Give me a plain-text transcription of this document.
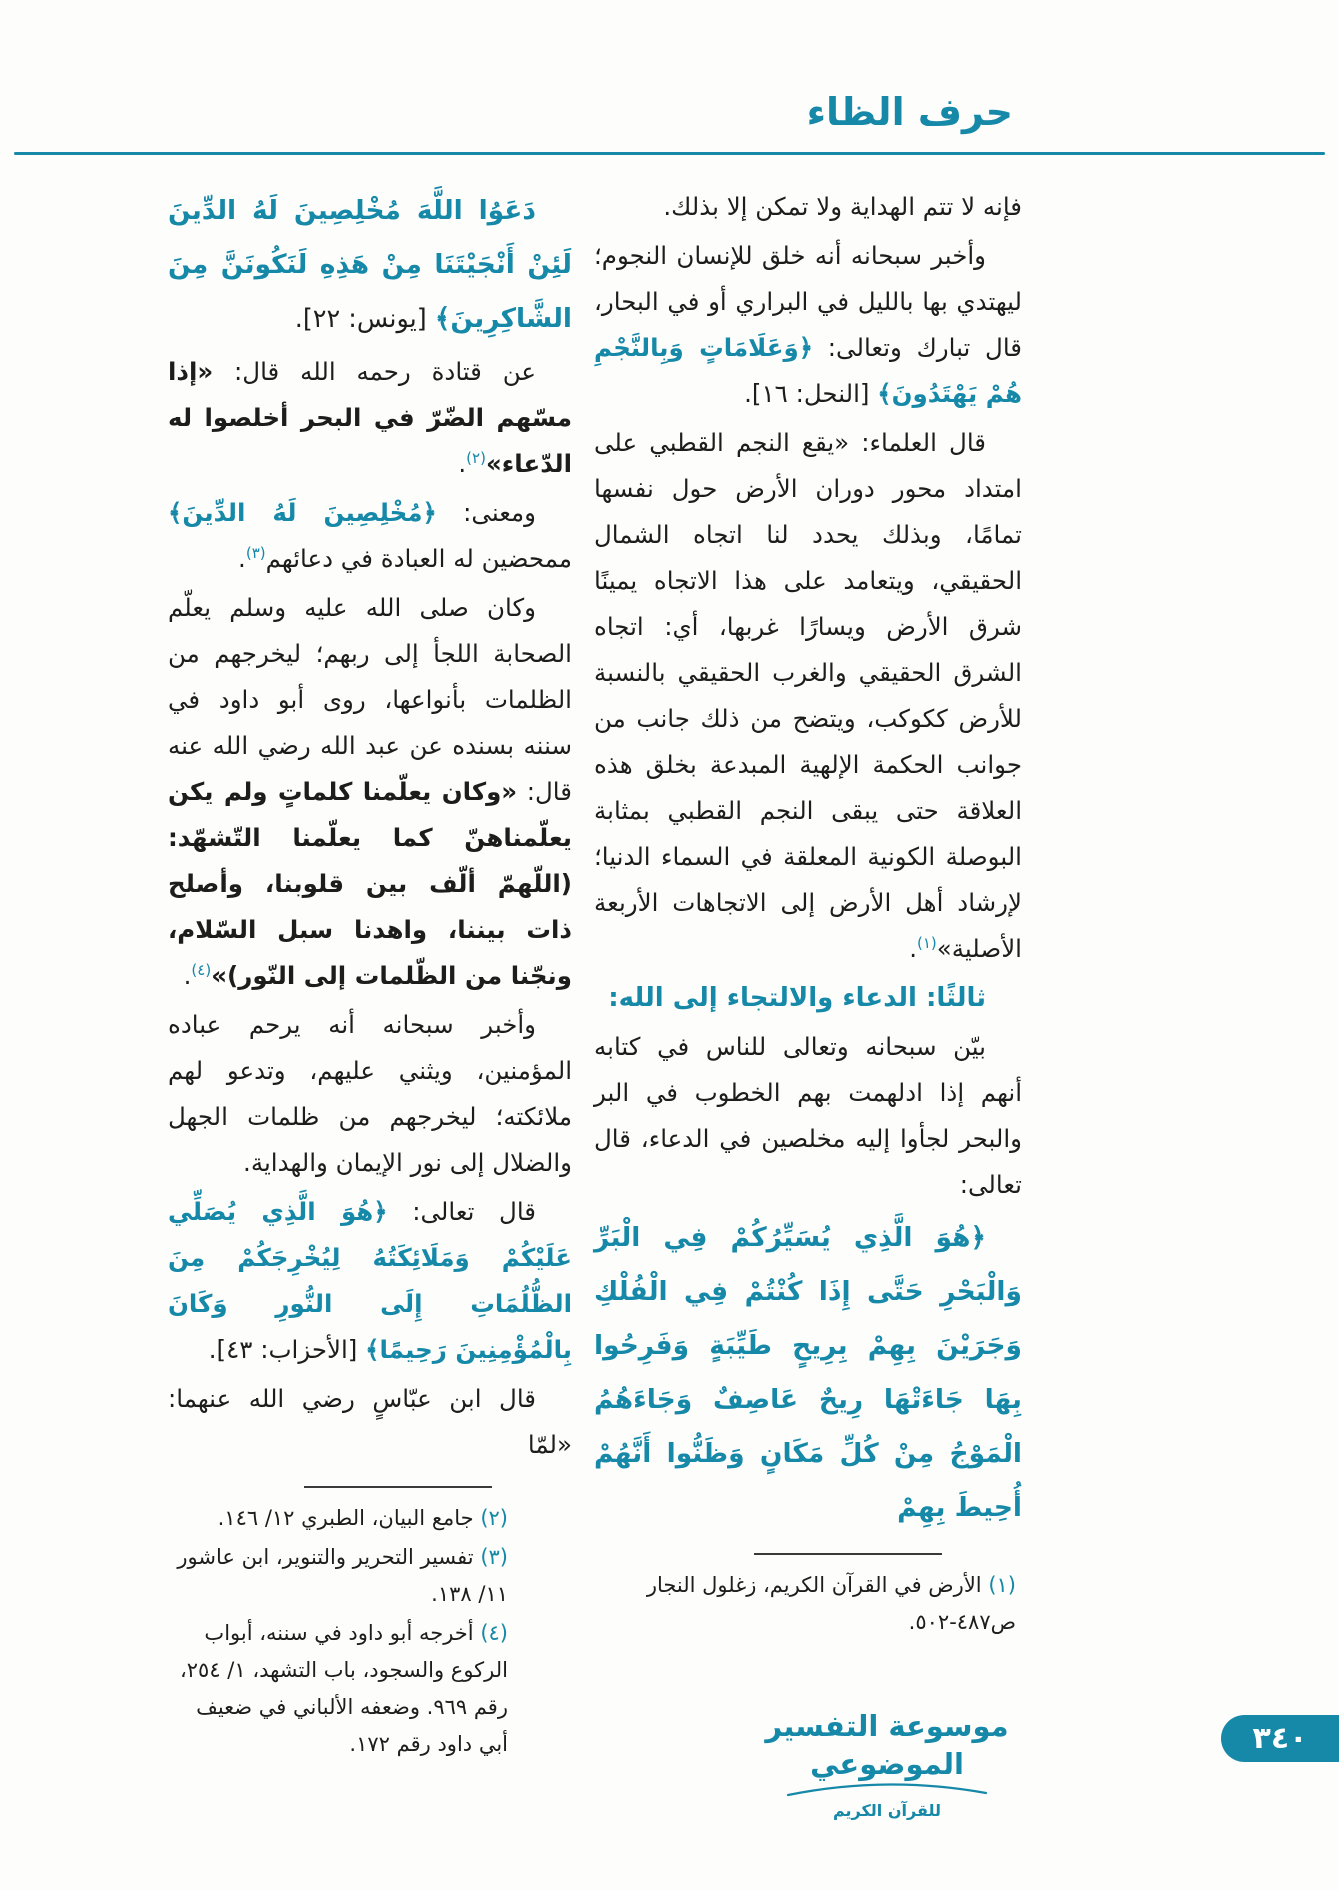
حرف الظاء

فإنه لا تتم الهداية ولا تمكن إلا بذلك.

وأخبر سبحانه أنه خلق للإنسان النجوم؛ ليهتدي بها بالليل في البراري أو في البحار، قال تبارك وتعالى: ﴿وَعَلَامَاتٍ وَبِالنَّجْمِ هُمْ يَهْتَدُونَ﴾ [النحل: ١٦].

قال العلماء: «يقع النجم القطبي على امتداد محور دوران الأرض حول نفسها تمامًا، وبذلك يحدد لنا اتجاه الشمال الحقيقي، ويتعامد على هذا الاتجاه يمينًا شرق الأرض ويسارًا غربها، أي: اتجاه الشرق الحقيقي والغرب الحقيقي بالنسبة للأرض ككوكب، ويتضح من ذلك جانب من جوانب الحكمة الإلهية المبدعة بخلق هذه العلاقة حتى يبقى النجم القطبي بمثابة البوصلة الكونية المعلقة في السماء الدنيا؛ لإرشاد أهل الأرض إلى الاتجاهات الأربعة الأصلية»$^{(١)}$.

ثالثًا: الدعاء والالتجاء إلى الله:

بيّن سبحانه وتعالى للناس في كتابه أنهم إذا ادلهمت بهم الخطوب في البر والبحر لجأوا إليه مخلصين في الدعاء، قال تعالى:

﴿هُوَ الَّذِي يُسَيِّرُكُمْ فِي الْبَرِّ وَالْبَحْرِ حَتَّى إِذَا كُنْتُمْ فِي الْفُلْكِ وَجَرَيْنَ بِهِمْ بِرِيحٍ طَيِّبَةٍ وَفَرِحُوا بِهَا جَاءَتْهَا رِيحٌ عَاصِفٌ وَجَاءَهُمُ الْمَوْجُ مِنْ كُلِّ مَكَانٍ وَظَنُّوا أَنَّهُمْ أُحِيطَ بِهِمْ

(١) الأرض في القرآن الكريم، زغلول النجار ص٤٨٧-٥٠٢.

دَعَوُا اللَّهَ مُخْلِصِينَ لَهُ الدِّينَ لَئِنْ أَنْجَيْتَنَا مِنْ هَذِهِ لَنَكُونَنَّ مِنَ الشَّاكِرِينَ﴾ [يونس: ٢٢].

عن قتادة رحمه الله قال: «إذا مسّهم الضّرّ في البحر أخلصوا له الدّعاء»$^{(٢)}$.

ومعنى: ﴿مُخْلِصِينَ لَهُ الدِّينَ﴾ ممحضين له العبادة في دعائهم$^{(٣)}$.

وكان صلى الله عليه وسلم يعلّم الصحابة اللجأ إلى ربهم؛ ليخرجهم من الظلمات بأنواعها، روى أبو داود في سننه بسنده عن عبد الله رضي الله عنه قال: «وكان يعلّمنا كلماتٍ ولم يكن يعلّمناهنّ كما يعلّمنا التّشهّد: (اللّهمّ ألّف بين قلوبنا، وأصلح ذات بيننا، واهدنا سبل السّلام، ونجّنا من الظّلمات إلى النّور)»$^{(٤)}$.

وأخبر سبحانه أنه يرحم عباده المؤمنين، ويثني عليهم، وتدعو لهم ملائكته؛ ليخرجهم من ظلمات الجهل والضلال إلى نور الإيمان والهداية.

قال تعالى: ﴿هُوَ الَّذِي يُصَلِّي عَلَيْكُمْ وَمَلَائِكَتُهُ لِيُخْرِجَكُمْ مِنَ الظُّلُمَاتِ إِلَى النُّورِ وَكَانَ بِالْمُؤْمِنِينَ رَحِيمًا﴾ [الأحزاب: ٤٣].

قال ابن عبّاسٍ رضي الله عنهما: «لمّا

(٢) جامع البيان، الطبري ١٢/ ١٤٦.

(٣) تفسير التحرير والتنوير، ابن عاشور ١١/ ١٣٨.

(٤) أخرجه أبو داود في سننه، أبواب الركوع والسجود، باب التشهد، ١/ ٢٥٤، رقم ٩٦٩. وضعفه الألباني في ضعيف أبي داود رقم ١٧٢.

موسوعة التفسير الموضوعي
للقرآن الكريم
٣٤٠
